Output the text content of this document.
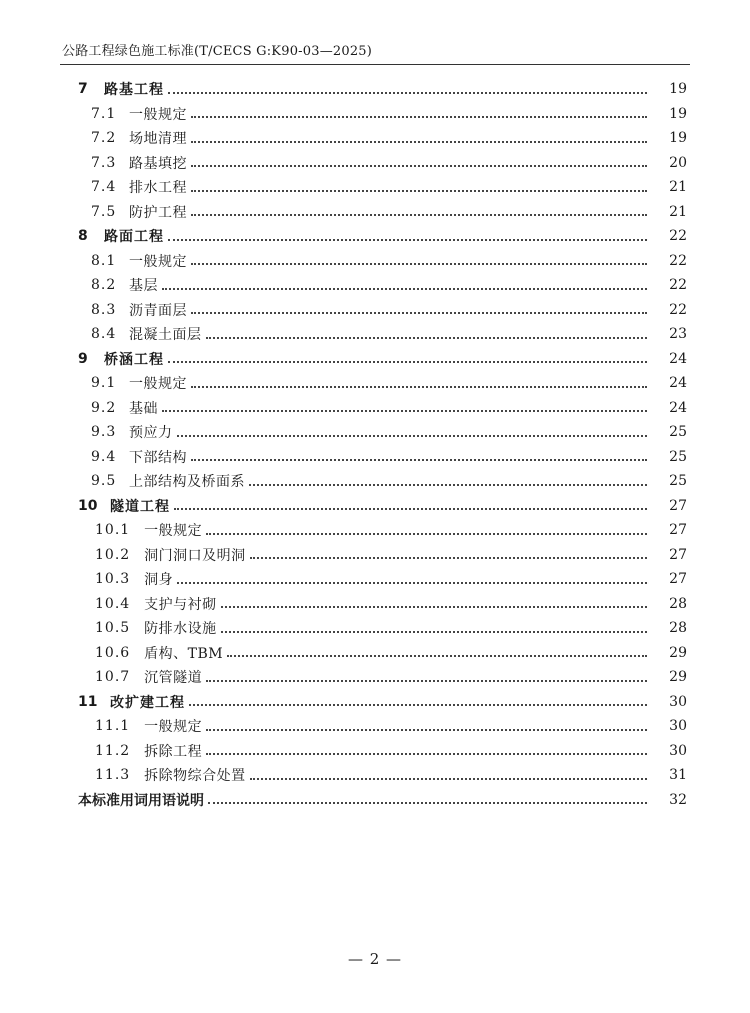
公路工程绿色施工标准(T/CECS G:K90-03—2025)
7	路基工程	19
7.1 一般规定	19
7.2 场地清理	19
7.3 路基填挖	20
7.4 排水工程	21
7.5 防护工程	21
8	路面工程	22
8.1 一般规定	22
8.2 基层	22
8.3 沥青面层	22
8.4 混凝土面层	23
9	桥涵工程	24
9.1 一般规定	24
9.2 基础	24
9.3 预应力	25
9.4 下部结构	25
9.5 上部结构及桥面系	25
10 隧道工程	27
10.1 一般规定	27
10.2 洞门洞口及明洞	27
10.3 洞身	27
10.4 支护与衬砌	28
10.5 防排水设施	28
10.6 盾构、TBM	29
10.7 沉管隧道	29
11 改扩建工程	30
11.1 一般规定	30
11.2 拆除工程	30
11.3 拆除物综合处置	31
本标准用词用语说明	32
— 2 —
